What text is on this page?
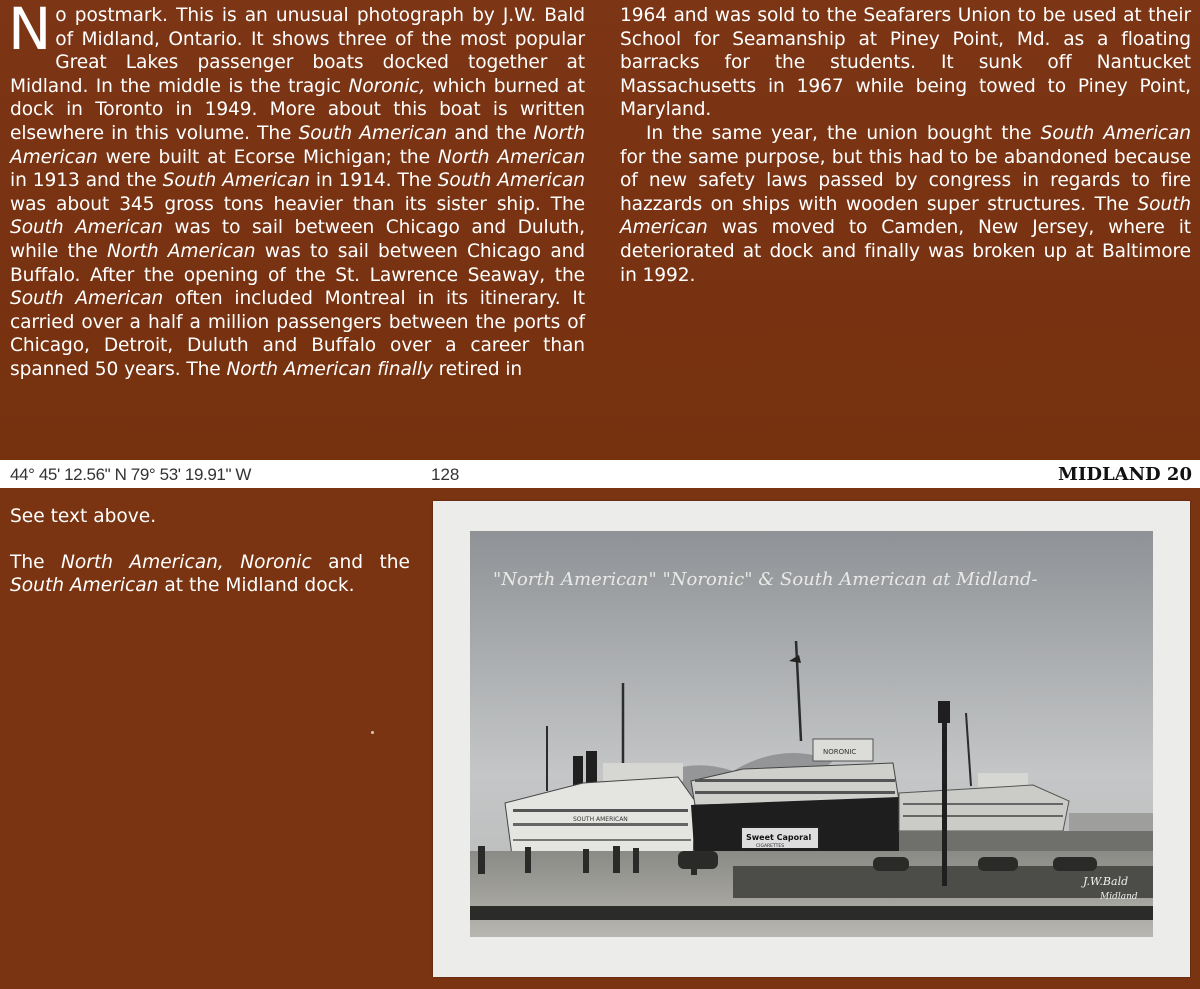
No postmark. This is an unusual photograph by J.W. Bald of Midland, Ontario. It shows three of the most popular Great Lakes passenger boats docked together at Midland. In the middle is the tragic Noronic, which burned at dock in Toronto in 1949. More about this boat is written elsewhere in this volume. The South American and the North American were built at Ecorse Michigan; the North American in 1913 and the South American in 1914. The South American was about 345 gross tons heavier than its sister ship. The South American was to sail between Chicago and Duluth, while the North American was to sail between Chicago and Buffalo. After the opening of the St. Lawrence Seaway, the South American often included Montreal in its itinerary. It carried over a half a million passengers between the ports of Chicago, Detroit, Duluth and Buffalo over a career than spanned 50 years. The North American finally retired in

1964 and was sold to the Seafarers Union to be used at their School for Seamanship at Piney Point, Md. as a floating barracks for the students. It sunk off Nantucket Massachusetts in 1967 while being towed to Piney Point, Maryland.

In the same year, the union bought the South American for the same purpose, but this had to be abandoned because of new safety laws passed by congress in regards to fire hazzards on ships with wooden super structures. The South American was moved to Camden, New Jersey, where it deteriorated at dock and finally was broken up at Baltimore in 1992.

44° 45' 12.56" N 79° 53' 19.91" W	128	MIDLAND 20

See text above.

The North American, Noronic and the South American at the Midland dock.	"North American" "Noronic" & South American at Midland-
SOUTH AMERICAN
NORONIC
Sweet Caporal
CIGARETTES
J.W.Bald
Midland
